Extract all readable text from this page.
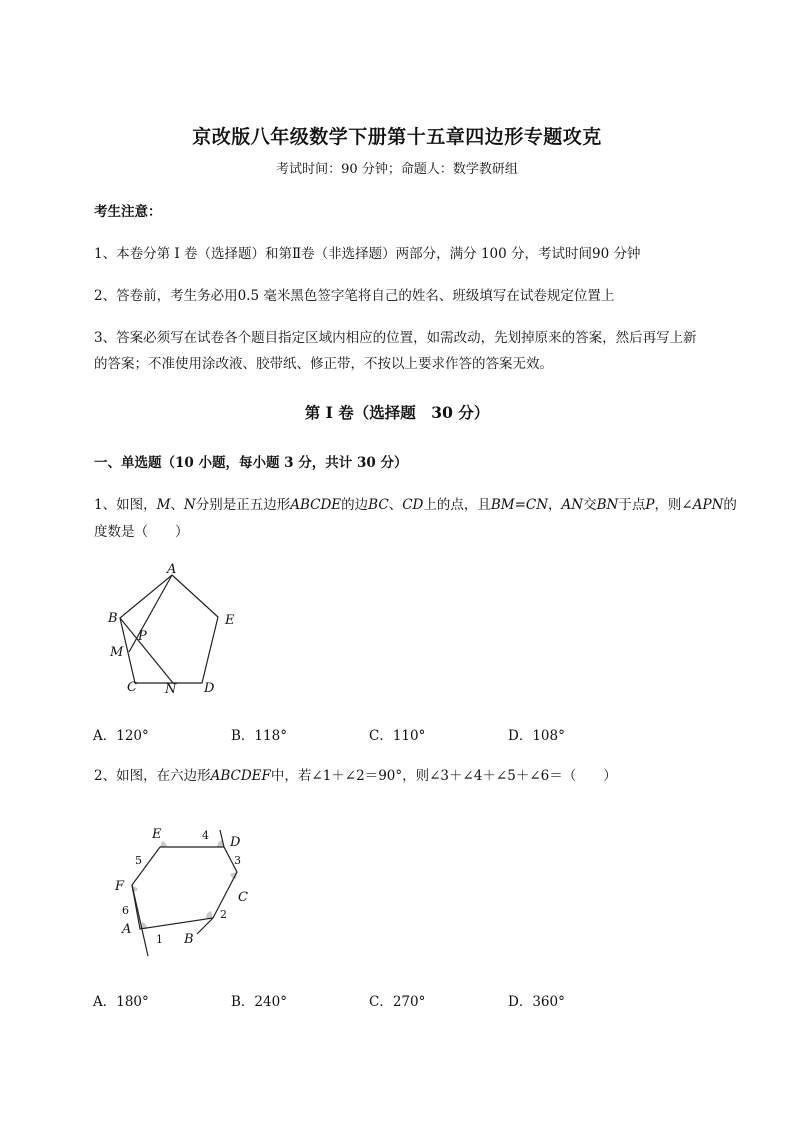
京改版八年级数学下册第十五章四边形专题攻克
考试时间：90 分钟；命题人：数学教研组
考生注意：
1、本卷分第 I 卷（选择题）和第Ⅱ卷（非选择题）两部分，满分 100 分，考试时间90 分钟
2、答卷前，考生务必用0.5 毫米黑色签字笔将自己的姓名、班级填写在试卷规定位置上
3、答案必须写在试卷各个题目指定区域内相应的位置，如需改动，先划掉原来的答案，然后再写上新
的答案；不准使用涂改液、胶带纸、修正带，不按以上要求作答的答案无效。
第 I 卷（选择题　30 分）
一、单选题（10 小题，每小题 3 分，共计 30 分）
1、如图，M、N分别是正五边形ABCDE的边BC、CD上的点，且BM=CN，AN交BN于点P，则∠APN的
度数是（　　）
A
B
C	D
E
M
N
P
A．120°	B．118°	C．110°	D．108°
2、如图，在六边形ABCDEF中，若∠1＋∠2＝90°，则∠3＋∠4＋∠5＋∠6＝（　　）
A
B
C
D
E
F
1
2
3
4
5
6
A．180°	B．240°	C．270°	D．360°
